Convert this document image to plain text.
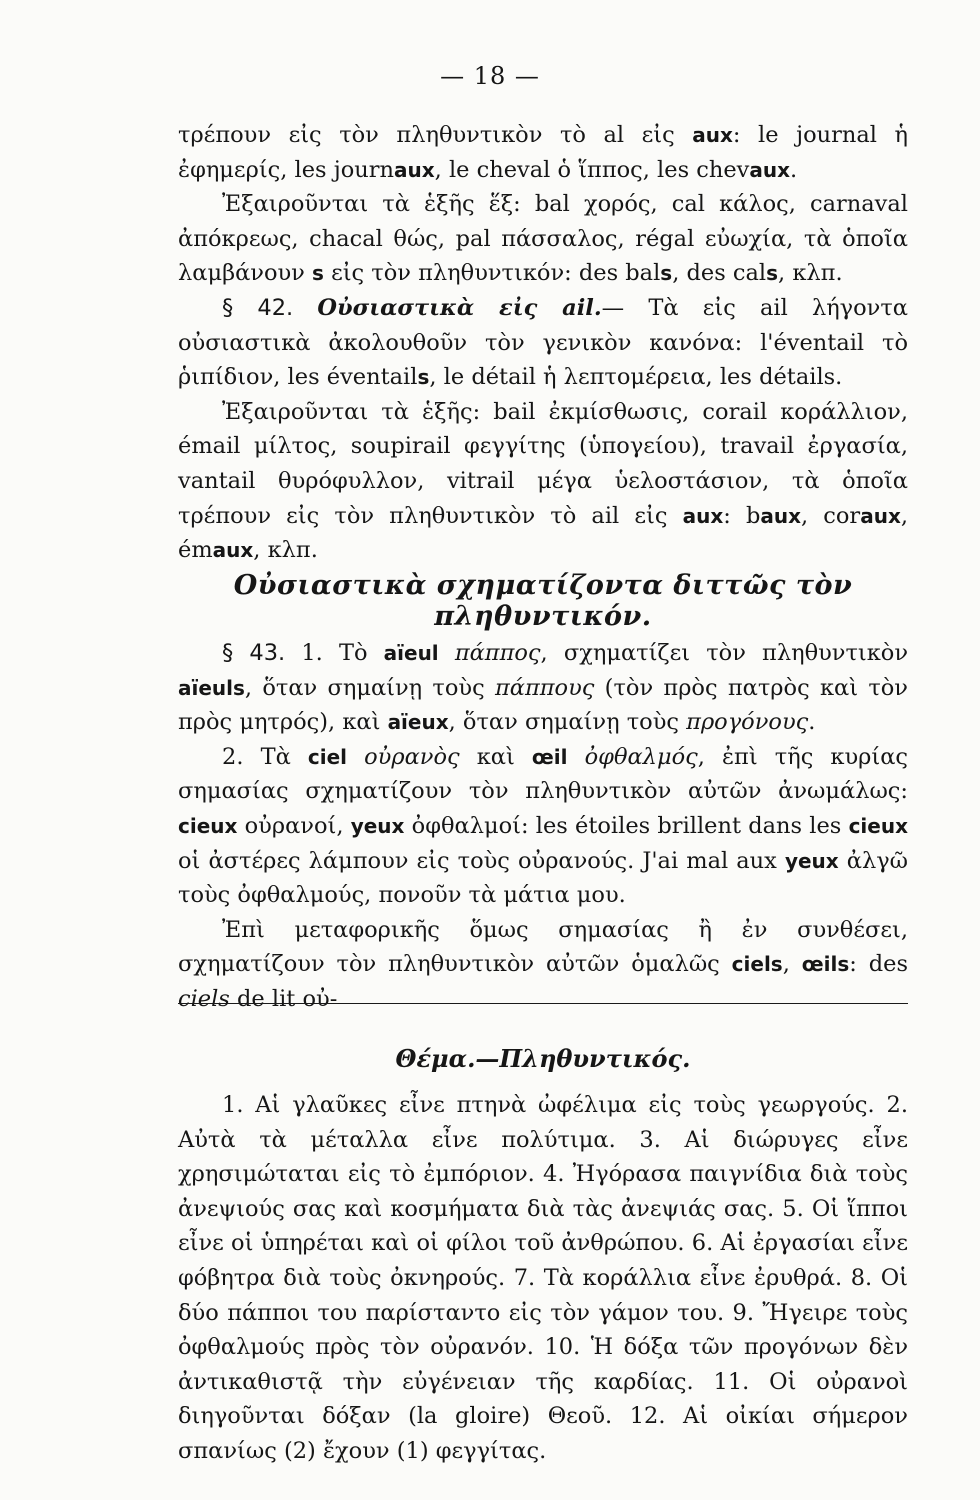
— 18 —

τρέπουν εἰς τὸν πληθυντικὸν τὸ al εἰς aux: le journal ἡ ἐφημερίς, les journaux, le cheval ὁ ἵππος, les chevaux.

Ἐξαιροῦνται τὰ ἑξῆς ἕξ: bal χορός, cal κάλος, carnaval ἀπόκρεως, chacal θώς, pal πάσσαλος, régal εὐωχία, τὰ ὁποῖα λαμβάνουν s εἰς τὸν πληθυντικόν: des bals, des cals, κλπ.

§ 42. Οὐσιαστικὰ εἰς ail.— Τὰ εἰς ail λήγοντα οὐσιαστικὰ ἀκολουθοῦν τὸν γενικὸν κανόνα: l'éventail τὸ ῥιπίδιον, les éventails, le détail ἡ λεπτομέρεια, les détails.

Ἐξαιροῦνται τὰ ἑξῆς: bail ἐκμίσθωσις, corail κοράλλιον, émail μίλτος, soupirail φεγγίτης (ὑπογείου), travail ἐργασία, vantail θυρόφυλλον, vitrail μέγα ὑελοστάσιον, τὰ ὁποῖα τρέπουν εἰς τὸν πληθυντικὸν τὸ ail εἰς aux: baux, coraux, émaux, κλπ.

Οὐσιαστικὰ σχηματίζοντα διττῶς τὸν πληθυντικόν.

§ 43. 1. Τὸ aïeul πάππος, σχηματίζει τὸν πληθυντικὸν aïeuls, ὅταν σημαίνῃ τοὺς πάππους (τὸν πρὸς πατρὸς καὶ τὸν πρὸς μητρός), καὶ aïeux, ὅταν σημαίνῃ τοὺς προγόνους.

2. Τὰ ciel οὐρανὸς καὶ œil ὀφθαλμός, ἐπὶ τῆς κυρίας σημασίας σχηματίζουν τὸν πληθυντικὸν αὐτῶν ἀνωμάλως: cieux οὐρανοί, yeux ὀφθαλμοί: les étoiles brillent dans les cieux οἱ ἀστέρες λάμπουν εἰς τοὺς οὐρανούς. J'ai mal aux yeux ἀλγῶ τοὺς ὀφθαλμούς, πονοῦν τὰ μάτια μου.

Ἐπὶ μεταφορικῆς ὅμως σημασίας ἢ ἐν συνθέσει, σχηματίζουν τὸν πληθυντικὸν αὐτῶν ὁμαλῶς ciels, œils: des ciels de lit οὐ-

Θέμα.—Πληθυντικός.

1. Αἱ γλαῦκες εἶνε πτηνὰ ὠφέλιμα εἰς τοὺς γεωργούς. 2. Αὐτὰ τὰ μέταλλα εἶνε πολύτιμα. 3. Αἱ διώρυγες εἶνε χρησιμώταται εἰς τὸ ἐμπόριον. 4. Ἠγόρασα παιγνίδια διὰ τοὺς ἀνεψιούς σας καὶ κοσμήματα διὰ τὰς ἀνεψιάς σας. 5. Οἱ ἵπποι εἶνε οἱ ὑπηρέται καὶ οἱ φίλοι τοῦ ἀνθρώπου. 6. Αἱ ἐργασίαι εἶνε φόβητρα διὰ τοὺς ὀκνηρούς. 7. Τὰ κοράλλια εἶνε ἐρυθρά. 8. Οἱ δύο πάπποι του παρίσταντο εἰς τὸν γάμον του. 9. Ἤγειρε τοὺς ὀφθαλμούς πρὸς τὸν οὐρανόν. 10. Ἡ δόξα τῶν προγόνων δὲν ἀντικαθιστᾷ τὴν εὐγένειαν τῆς καρδίας. 11. Οἱ οὐρανοὶ διηγοῦνται δόξαν (la gloire) Θεοῦ. 12. Αἱ οἰκίαι σήμερον σπανίως (2) ἔχουν (1) φεγγίτας.
